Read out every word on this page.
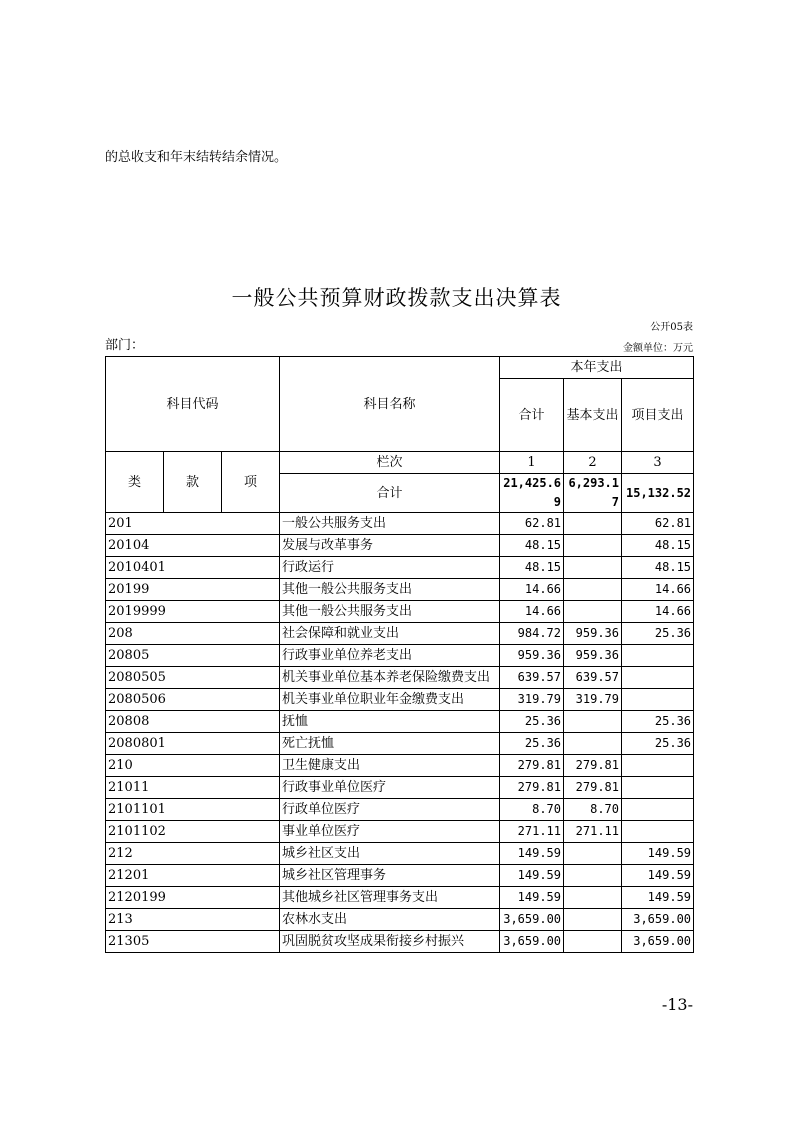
的总收支和年末结转结余情况。
一般公共预算财政拨款支出决算表
公开05表
部门：	金额单位：万元
科目代码			科目名称	本年支出		
				合计	基本支出	项目支出
类	款	项	栏次	1	2	3
			合计	21,425.69	6,293.17	15,132.52
201			一般公共服务支出	62.81		62.81
20104			发展与改革事务	48.15		48.15
2010401			行政运行	48.15		48.15
20199			其他一般公共服务支出	14.66		14.66
2019999			其他一般公共服务支出	14.66		14.66
208			社会保障和就业支出	984.72	959.36	25.36
20805			行政事业单位养老支出	959.36	959.36	
2080505			机关事业单位基本养老保险缴费支出	639.57	639.57	
2080506			机关事业单位职业年金缴费支出	319.79	319.79	
20808			抚恤	25.36		25.36
2080801			死亡抚恤	25.36		25.36
210			卫生健康支出	279.81	279.81	
21011			行政事业单位医疗	279.81	279.81	
2101101			行政单位医疗	8.70	8.70	
2101102			事业单位医疗	271.11	271.11	
212			城乡社区支出	149.59		149.59
21201			城乡社区管理事务	149.59		149.59
2120199			其他城乡社区管理事务支出	149.59		149.59
213			农林水支出	3,659.00		3,659.00
21305			巩固脱贫攻坚成果衔接乡村振兴	3,659.00		3,659.00
-13-
